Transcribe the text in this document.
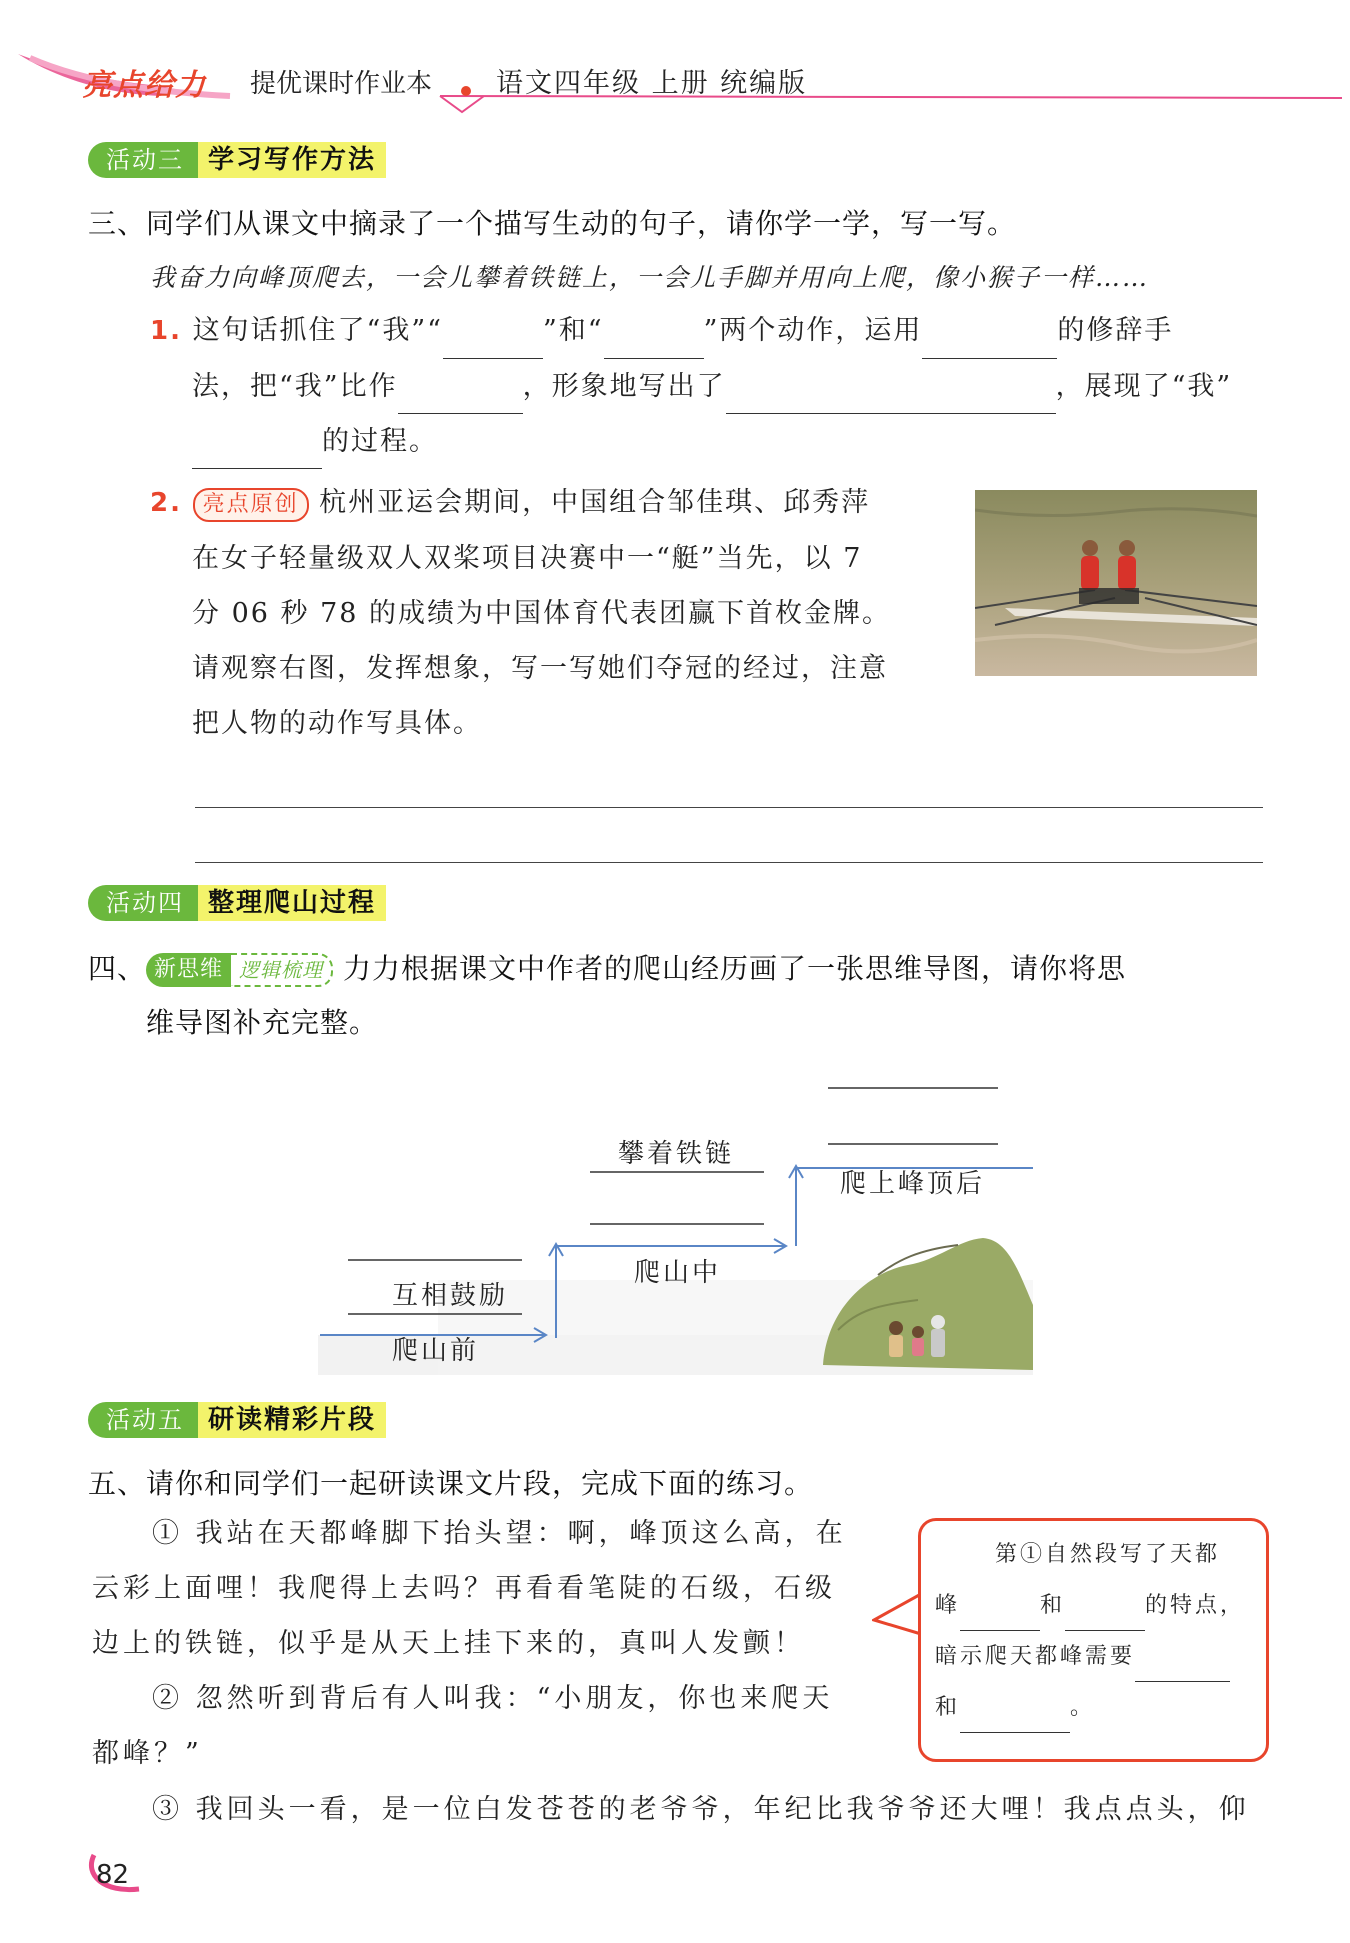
亮点给力 提优课时作业本 语文四年级 上册 统编版
活动三 学习写作方法
三、同学们从课文中摘录了一个描写生动的句子，请你学一学，写一写。
我奋力向峰顶爬去，一会儿攀着铁链上，一会儿手脚并用向上爬，像小猴子一样……
1. 这句话抓住了“我”“	”和“	”两个动作，运用	的修辞手
法，把“我”比作	，形象地写出了	，展现了“我”
的过程。
2. 亮点原创 杭州亚运会期间，中国组合邹佳琪、邱秀萍
在女子轻量级双人双桨项目决赛中一“艇”当先，以 7
分 06 秒 78 的成绩为中国体育代表团赢下首枚金牌。
请观察右图，发挥想象，写一写她们夺冠的经过，注意
把人物的动作写具体。
活动四 整理爬山过程
四、 新思维 逻辑梳理 力力根据课文中作者的爬山经历画了一张思维导图，请你将思
维导图补充完整。
互相鼓励
爬山前
攀着铁链
爬山中
爬上峰顶后
活动五 研读精彩片段
五、请你和同学们一起研读课文片段，完成下面的练习。
① 我站在天都峰脚下抬头望：啊，峰顶这么高，在
云彩上面哩！我爬得上去吗？再看看笔陡的石级，石级
边上的铁链，似乎是从天上挂下来的，真叫人发颤！
② 忽然听到背后有人叫我：“小朋友，你也来爬天
都峰？”
③ 我回头一看，是一位白发苍苍的老爷爷，年纪比我爷爷还大哩！我点点头，仰
第①自然段写了天都
峰	和	的特点，
暗示爬天都峰需要
和	。
82
